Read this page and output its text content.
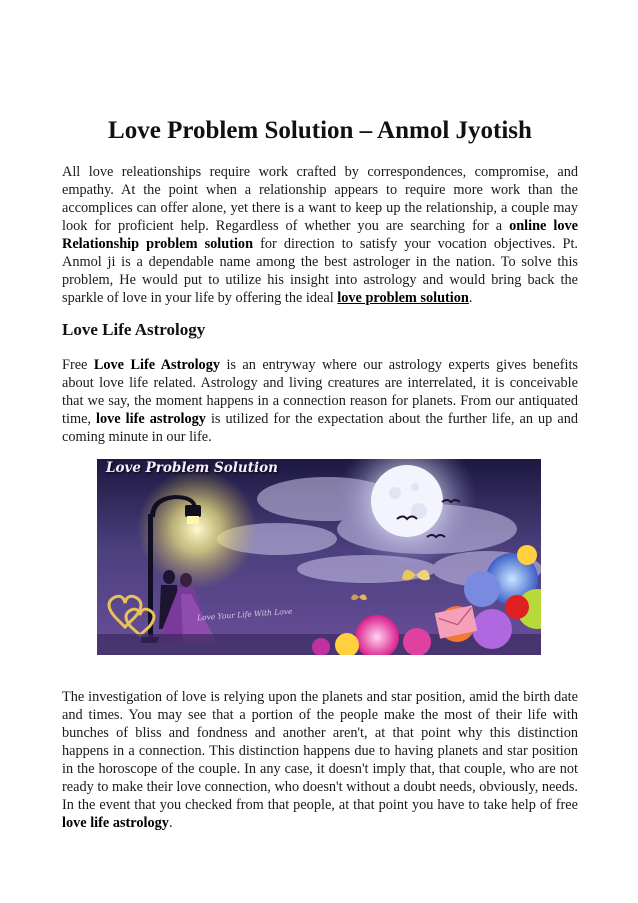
Love Problem Solution – Anmol Jyotish

All love releationships require work crafted by correspondences, compromise, and empathy. At the point when a relationship appears to require more work than the accomplices can offer alone, yet there is a want to keep up the relationship, a couple may look for proficient help. Regardless of whether you are searching for a online love Relationship problem solution for direction to satisfy your vocation objectives. Pt. Anmol ji is a dependable name among the best astrologer in the nation. To solve this problem, He would put to utilize his insight into astrology and would bring back the sparkle of love in your life by offering the ideal love problem solution.

Love Life Astrology

Free Love Life Astrology is an entryway where our astrology experts gives benefits about love life related. Astrology and living creatures are interrelated, it is conceivable that we say, the moment happens in a connection reason for planets. From our antiquated time, love life astrology is utilized for the expectation about the further life, an up and coming minute in our life.

Love Problem Solution

Love Your Life With Love

The investigation of love is relying upon the planets and star position, amid the birth date and times. You may see that a portion of the people make the most of their life with bunches of bliss and fondness and another aren't, at that point why this distinction happens in a connection. This distinction happens due to having planets and star position in the horoscope of the couple. In any case, it doesn't imply that, that couple, who are not ready to make their love connection, who doesn't without a doubt needs, obviously, needs. In the event that you checked from that people, at that point you have to take help of free love life astrology.
